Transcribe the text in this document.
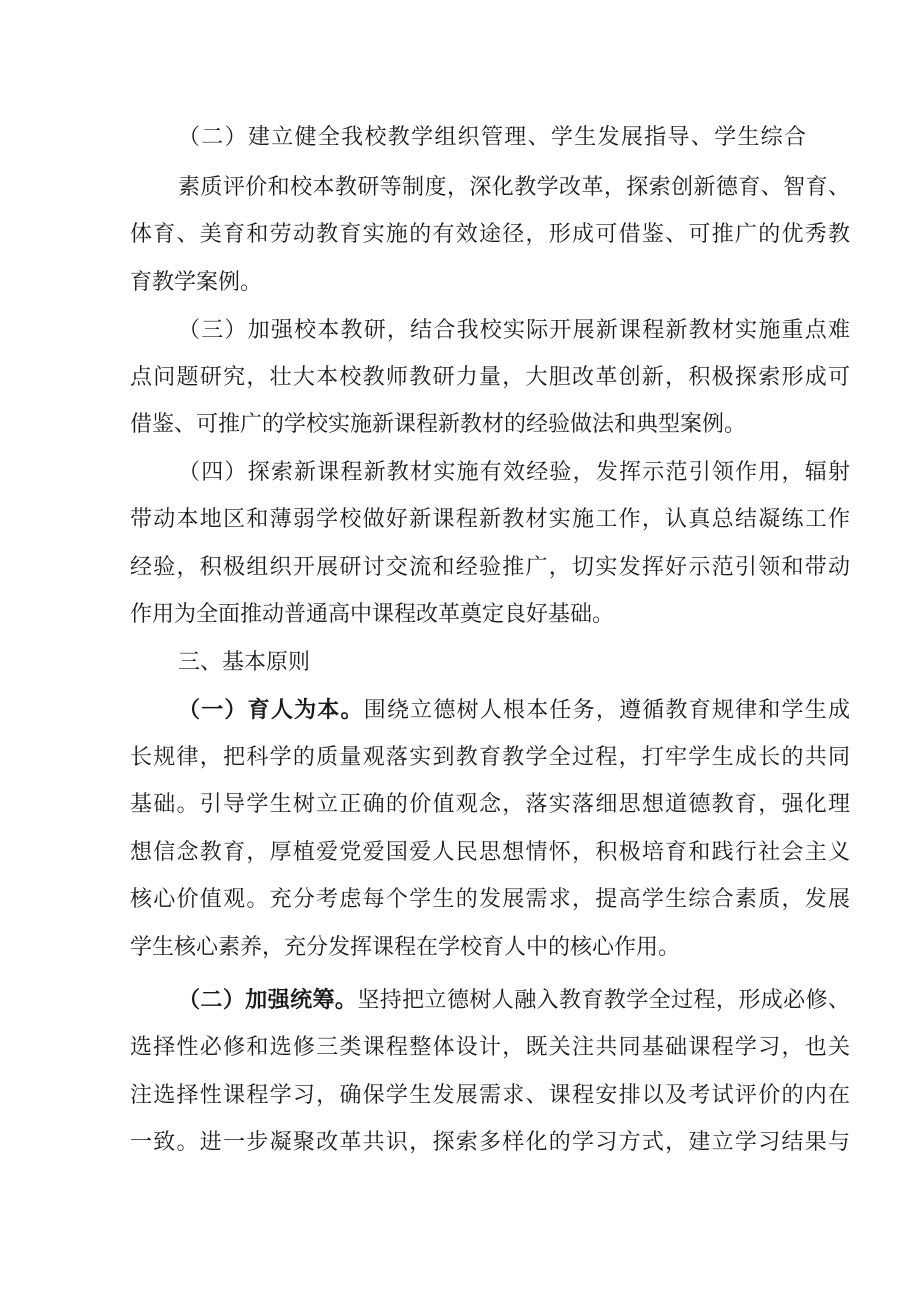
（二）建立健全我校教学组织管理、学生发展指导、学生综合
素质评价和校本教研等制度，深化教学改革，探索创新德育、智育、
体育、美育和劳动教育实施的有效途径，形成可借鉴、可推广的优秀教
育教学案例。
（三）加强校本教研，结合我校实际开展新课程新教材实施重点难
点问题研究，壮大本校教师教研力量，大胆改革创新，积极探索形成可
借鉴、可推广的学校实施新课程新教材的经验做法和典型案例。
（四）探索新课程新教材实施有效经验，发挥示范引领作用，辐射
带动本地区和薄弱学校做好新课程新教材实施工作，认真总结凝练工作
经验，积极组织开展研讨交流和经验推广，切实发挥好示范引领和带动
作用为全面推动普通高中课程改革奠定良好基础。
三、基本原则
（一）育人为本。围绕立德树人根本任务，遵循教育规律和学生成
长规律，把科学的质量观落实到教育教学全过程，打牢学生成长的共同
基础。引导学生树立正确的价值观念，落实落细思想道德教育，强化理
想信念教育，厚植爱党爱国爱人民思想情怀，积极培育和践行社会主义
核心价值观。充分考虑每个学生的发展需求，提高学生综合素质，发展
学生核心素养，充分发挥课程在学校育人中的核心作用。
（二）加强统筹。坚持把立德树人融入教育教学全过程，形成必修、
选择性必修和选修三类课程整体设计，既关注共同基础课程学习，也关
注选择性课程学习，确保学生发展需求、课程安排以及考试评价的内在
一致。进一步凝聚改革共识，探索多样化的学习方式，建立学习结果与
